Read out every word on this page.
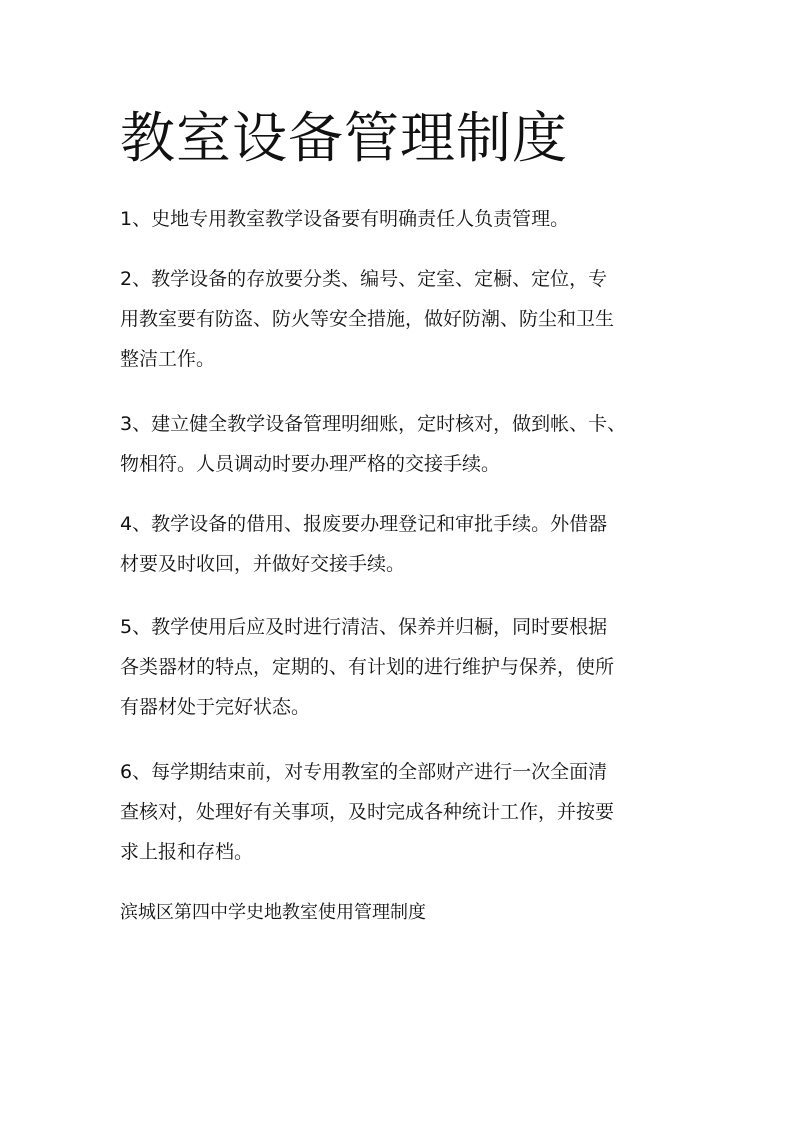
教室设备管理制度
1、史地专用教室教学设备要有明确责任人负责管理。
2、教学设备的存放要分类、编号、定室、定橱、定位，专
用教室要有防盗、防火等安全措施，做好防潮、防尘和卫生
整洁工作。
3、建立健全教学设备管理明细账，定时核对，做到帐、卡、
物相符。人员调动时要办理严格的交接手续。
4、教学设备的借用、报废要办理登记和审批手续。外借器
材要及时收回，并做好交接手续。
5、教学使用后应及时进行清洁、保养并归橱，同时要根据
各类器材的特点，定期的、有计划的进行维护与保养，使所
有器材处于完好状态。
6、每学期结束前，对专用教室的全部财产进行一次全面清
查核对，处理好有关事项，及时完成各种统计工作，并按要
求上报和存档。

滨城区第四中学史地教室使用管理制度
